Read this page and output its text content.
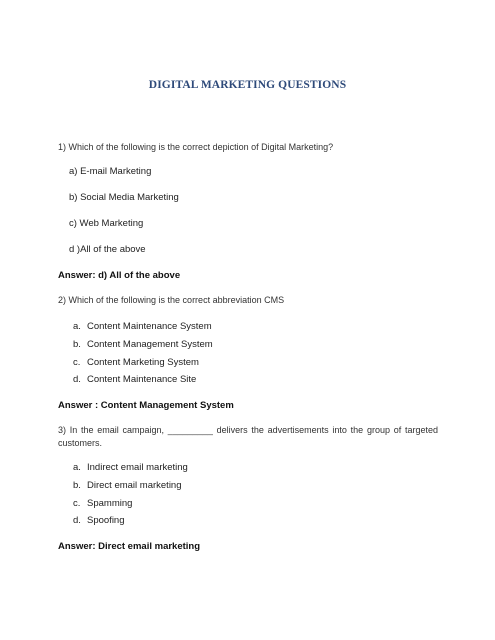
DIGITAL MARKETING QUESTIONS
1) Which of the following is the correct depiction of Digital Marketing?
a) E-mail Marketing
b) Social Media Marketing
c) Web Marketing
d )All of the above
Answer: d) All of the above
2) Which of the following is the correct abbreviation CMS
a. Content Maintenance System
b. Content Management System
c. Content Marketing System
d. Content Maintenance Site
Answer : Content Management System
3) In the email campaign, _________ delivers the advertisements into the group of targeted customers.
a. Indirect email marketing
b. Direct email marketing
c. Spamming
d. Spoofing
Answer: Direct email marketing
